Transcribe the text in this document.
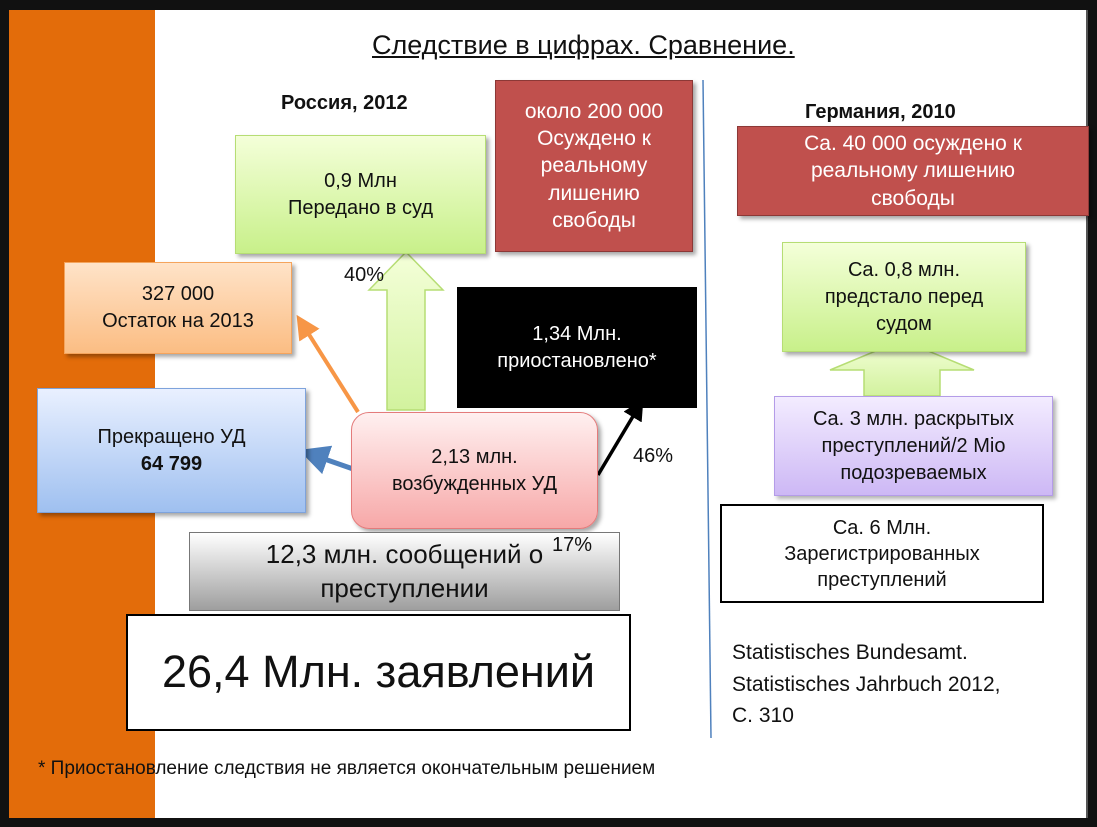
Следствие в цифрах. Сравнение.
Россия, 2012	Германия, 2010
0,9 Млн
Передано в суд
около 200 000
Осуждено к
реальному
лишению
свободы
327 000
Остаток на 2013
1,34 Млн.
приостановлено*
Прекращено УД
64 799	2,13 млн.
возбужденных УД
12,3 млн. сообщений о
преступлении
26,4 Млн. заявлений
40%
46%
17%
Ca. 40 000 осуждено к
реальному лишению
свободы
Ca. 0,8 млн.
предстало перед
судом
Ca. 3 млн. раскрытых
преступлений/2 Mio
подозреваемых
Ca. 6 Млн.
Зарегистрированных
преступлений
Statistisches Bundesamt.
Statistisches Jahrbuch 2012,
С. 310
* Приостановление следствия не является окончательным решением
